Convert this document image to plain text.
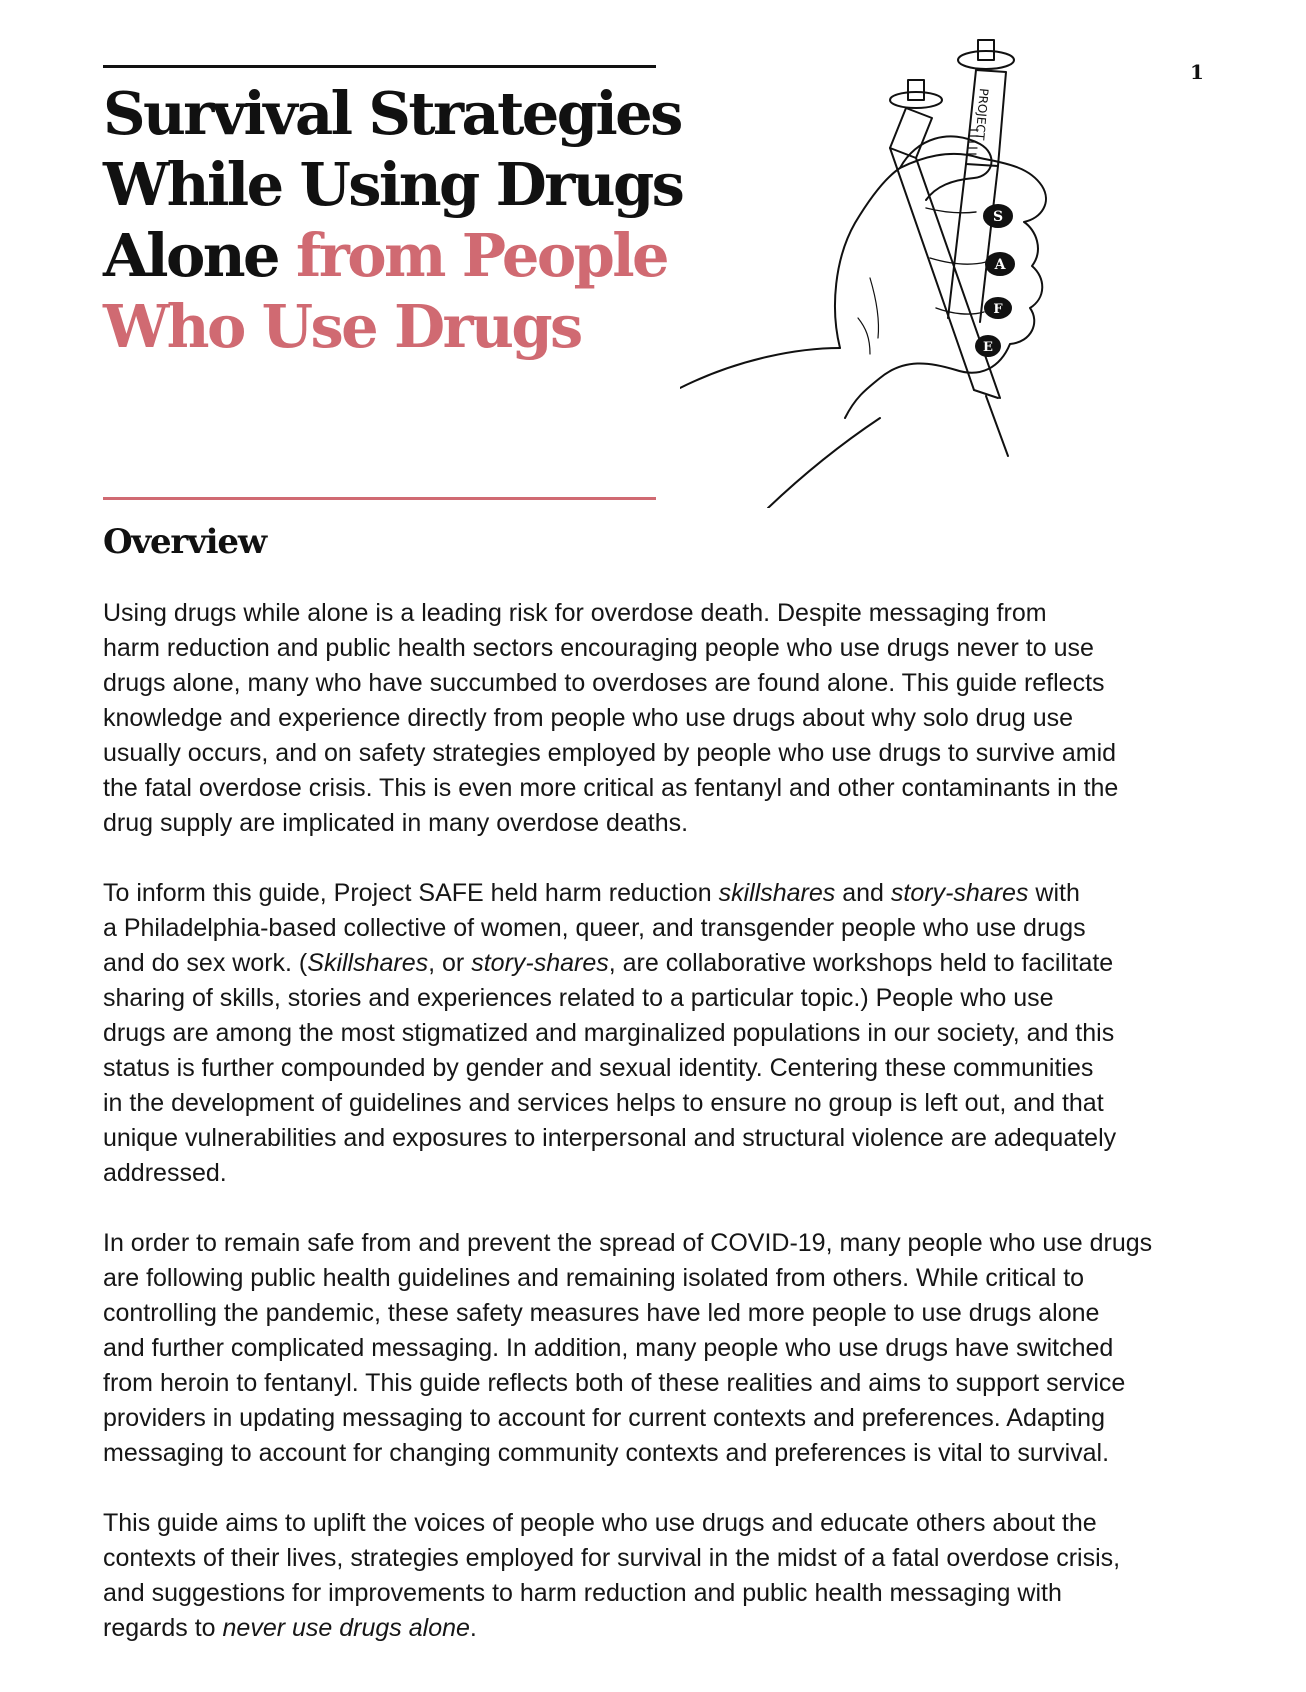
Survival Strategies While Using Drugs Alone from People Who Use Drugs
1
PROJECT
S
A
F
E
Overview

Using drugs while alone is a leading risk for overdose death. Despite messaging from
harm reduction and public health sectors encouraging people who use drugs never to use
drugs alone, many who have succumbed to overdoses are found alone. This guide reflects
knowledge and experience directly from people who use drugs about why solo drug use
usually occurs, and on safety strategies employed by people who use drugs to survive amid
the fatal overdose crisis. This is even more critical as fentanyl and other contaminants in the
drug supply are implicated in many overdose deaths.

To inform this guide, Project SAFE held harm reduction skillshares and story-shares with
a Philadelphia-based collective of women, queer, and transgender people who use drugs
and do sex work. (Skillshares, or story-shares, are collaborative workshops held to facilitate
sharing of skills, stories and experiences related to a particular topic.) People who use
drugs are among the most stigmatized and marginalized populations in our society, and this
status is further compounded by gender and sexual identity. Centering these communities
in the development of guidelines and services helps to ensure no group is left out, and that
unique vulnerabilities and exposures to interpersonal and structural violence are adequately
addressed.

In order to remain safe from and prevent the spread of COVID-19, many people who use drugs
are following public health guidelines and remaining isolated from others. While critical to
controlling the pandemic, these safety measures have led more people to use drugs alone
and further complicated messaging. In addition, many people who use drugs have switched
from heroin to fentanyl. This guide reflects both of these realities and aims to support service
providers in updating messaging to account for current contexts and preferences. Adapting
messaging to account for changing community contexts and preferences is vital to survival.

This guide aims to uplift the voices of people who use drugs and educate others about the
contexts of their lives, strategies employed for survival in the midst of a fatal overdose crisis,
and suggestions for improvements to harm reduction and public health messaging with
regards to never use drugs alone.
